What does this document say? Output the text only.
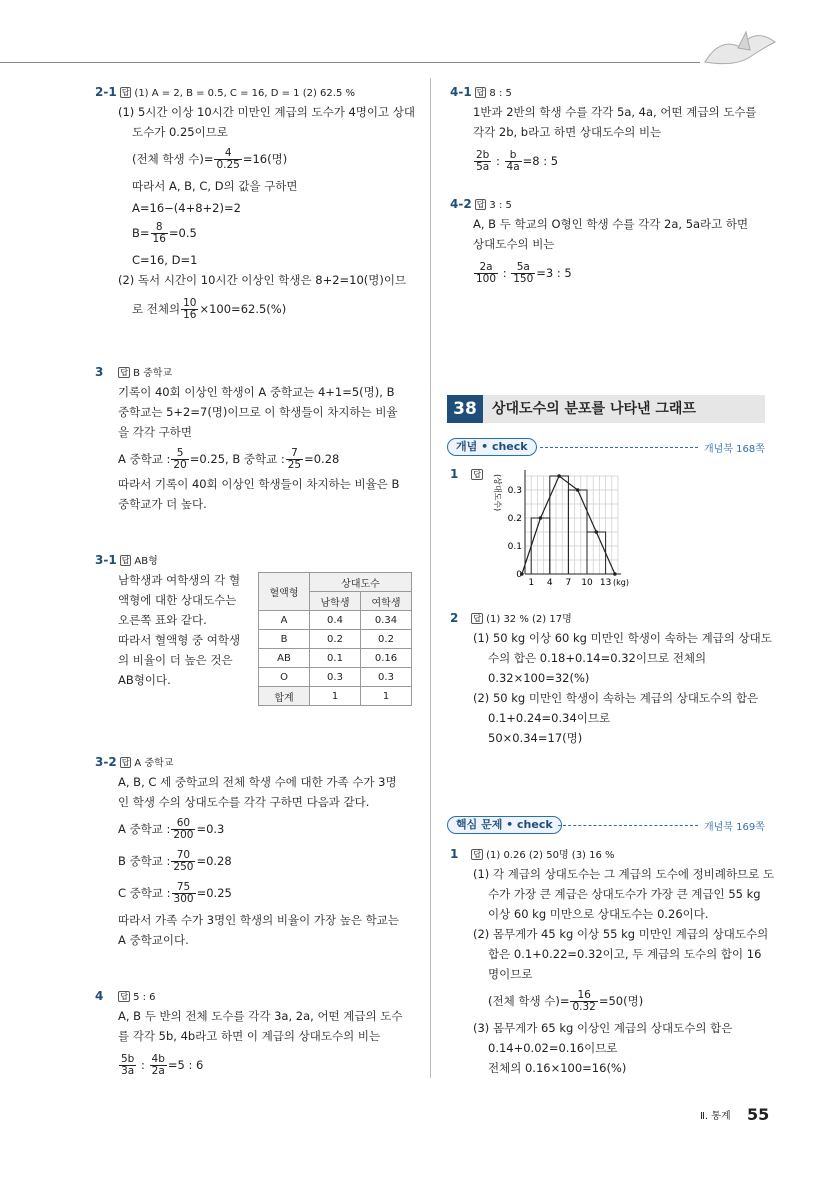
2-1 답 (1) A = 2, B = 0.5, C = 16, D = 1 (2) 62.5 %
(1) 5시간 이상 10시간 미만인 계급의 도수가 4명이고 상대
도수가 0.25이므로
(전체 학생 수)= $\frac{4}{0.25} =16$(명)
따라서 A, B, C, D의 값을 구하면
A=16−(4+8+2)=2
$B= \frac{8}{16} =0.5$
C=16, D=1
(2) 독서 시간이 10시간 이상인 학생은 8+2=10(명)이므
로 전체의 $\frac{10}{16} \times 100=62.5(\%)$
3 답 B 중학교
기록이 40회 이상인 학생이 A 중학교는 4+1=5(명), B
중학교는 5+2=7(명)이므로 이 학생들이 차지하는 비율
을 각각 구하면
A 중학교 : $\frac{5}{20} =0.25$, B 중학교 : $\frac{7}{25} =0.28$
따라서 기록이 40회 이상인 학생들이 차지하는 비율은 B
중학교가 더 높다.
3-1 답 AB형
남학생과 여학생의 각 혈
액형에 대한 상대도수는
오른쪽 표와 같다.
따라서 혈액형 중 여학생
의 비율이 더 높은 것은
AB형이다.
혈액형	상대도수	
	남학생	여학생
A	0.4	0.34
B	0.2	0.2
AB	0.1	0.16
O	0.3	0.3
합계	1	1
3-2 답 A 중학교
A, B, C 세 중학교의 전체 학생 수에 대한 가족 수가 3명
인 학생 수의 상대도수를 각각 구하면 다음과 같다.
A 중학교 : $\frac{60}{200} =0.3$
B 중학교 : $\frac{70}{250} =0.28$
C 중학교 : $\frac{75}{300} =0.25$
따라서 가족 수가 3명인 학생의 비율이 가장 높은 학교는
A 중학교이다.
4 답 5 : 6
A, B 두 반의 전체 도수를 각각 3a, 2a, 어떤 계급의 도수
를 각각 5b, 4b라고 하면 이 계급의 상대도수의 비는
$\frac{5b}{3a}$ : $\frac{4b}{2a} =5$ : 6
4-1 답 8 : 5
1반과 2반의 학생 수를 각각 5a, 4a, 어떤 계급의 도수를
각각 2b, b라고 하면 상대도수의 비는
$\frac{2b}{5a}$ : $\frac{b}{4a} =8$ : 5
4-2 답 3 : 5
A, B 두 학교의 O형인 학생 수를 각각 2a, 5a라고 하면
상대도수의 비는
$\frac{2a}{100}$ : $\frac{5a}{150} =3$ : 5
38	상대도수의 분포를 나타낸 그래프
개념 • check	개념북 168쪽
1 답
1 4 7 10 13
0
0.1
0.2
0.3
(kg)
(상대도수)
2 답 (1) 32 % (2) 17명
(1) 50 kg 이상 60 kg 미만인 학생이 속하는 계급의 상대도
수의 합은 0.18+0.14=0.32이므로 전체의
0.32×100=32(%)
(2) 50 kg 미만인 학생이 속하는 계급의 상대도수의 합은
0.1+0.24=0.34이므로
50×0.34=17(명)
핵심 문제 • check	개념북 169쪽
1 답 (1) 0.26 (2) 50명 (3) 16 %
(1) 각 계급의 상대도수는 그 계급의 도수에 정비례하므로 도
수가 가장 큰 계급은 상대도수가 가장 큰 계급인 55 kg
이상 60 kg 미만으로 상대도수는 0.26이다.
(2) 몸무게가 45 kg 이상 55 kg 미만인 계급의 상대도수의
합은 0.1+0.22=0.32이고, 두 계급의 도수의 합이 16
명이므로
(전체 학생 수)= $\frac{16}{0.32} =50$(명)
(3) 몸무게가 65 kg 이상인 계급의 상대도수의 합은
0.14+0.02=0.16이므로
전체의 0.16×100=16(%)
Ⅱ. 통계 55
